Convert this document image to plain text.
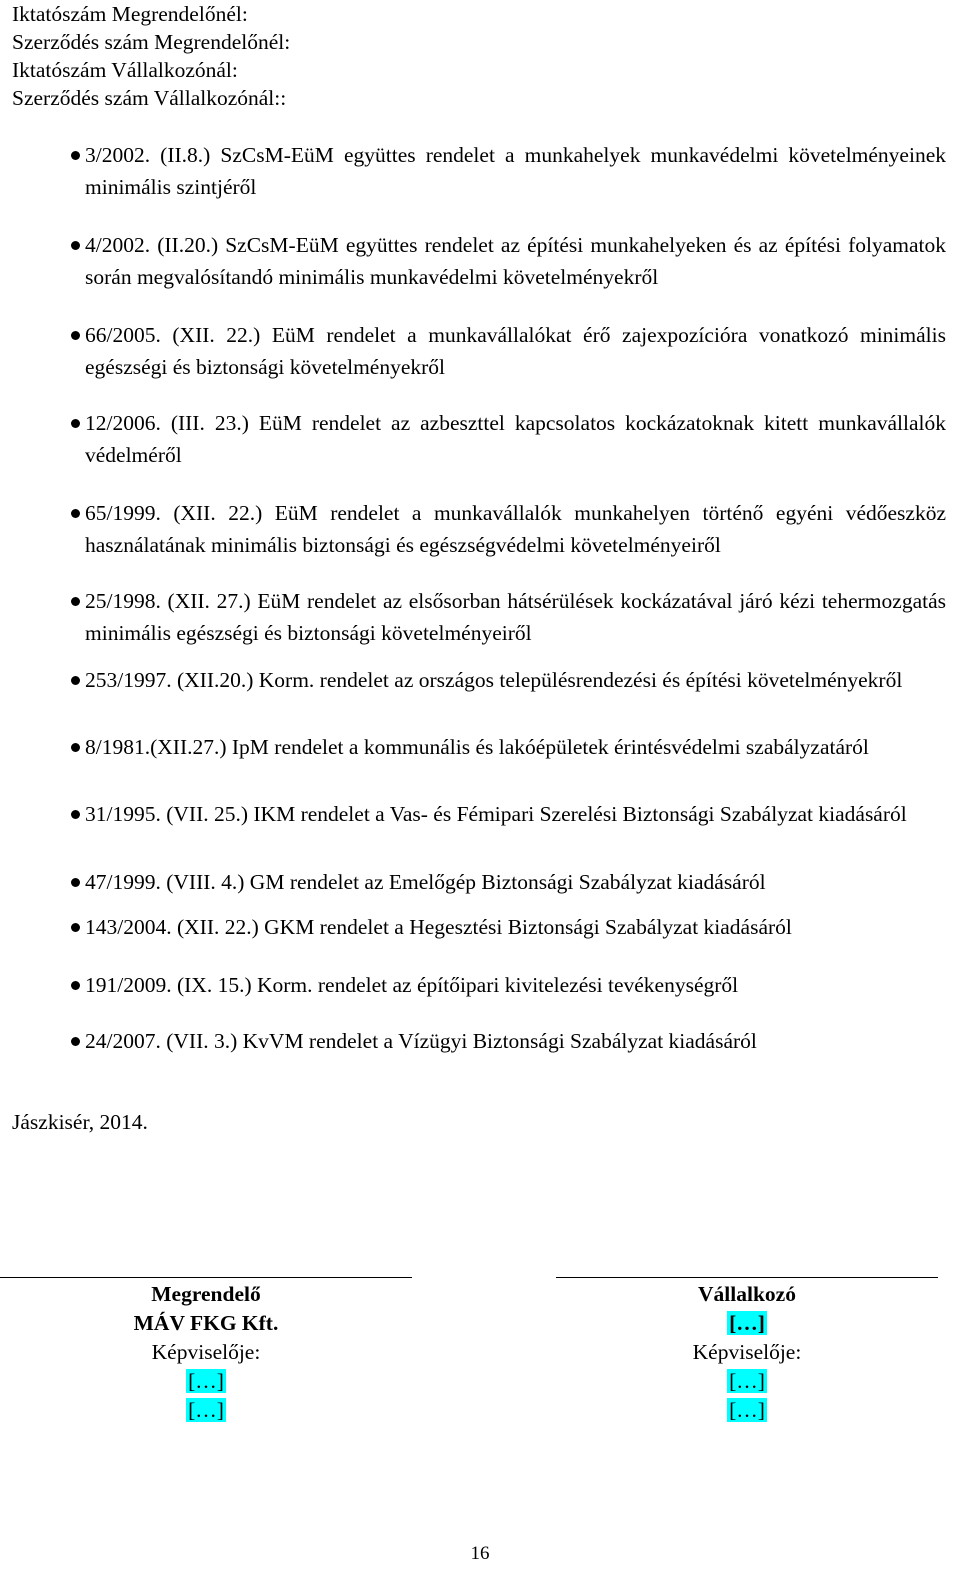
Iktatószám Megrendelőnél:
Szerződés szám Megrendelőnél:
Iktatószám Vállalkozónál:
Szerződés szám Vállalkozónál::
3/2002. (II.8.) SzCsM-EüM együttes rendelet a munkahelyek munkavédelmi követelményeinek minimális szintjéről
4/2002. (II.20.) SzCsM-EüM együttes rendelet az építési munkahelyeken és az építési folyamatok során megvalósítandó minimális munkavédelmi követelményekről
66/2005. (XII. 22.) EüM rendelet a munkavállalókat érő zajexpozícióra vonatkozó minimális egészségi és biztonsági követelményekről
12/2006. (III. 23.) EüM rendelet az azbeszttel kapcsolatos kockázatoknak kitett munkavállalók védelméről
65/1999. (XII. 22.) EüM rendelet a munkavállalók munkahelyen történő egyéni védőeszköz használatának minimális biztonsági és egészségvédelmi követelményeiről
25/1998. (XII. 27.) EüM rendelet az elsősorban hátsérülések kockázatával járó kézi tehermozgatás minimális egészségi és biztonsági követelményeiről
253/1997. (XII.20.) Korm. rendelet az országos településrendezési és építési követelményekről
8/1981.(XII.27.) IpM rendelet a kommunális és lakóépületek érintésvédelmi szabályzatáról
31/1995. (VII. 25.) IKM rendelet a Vas- és Fémipari Szerelési Biztonsági Szabályzat kiadásáról
47/1999. (VIII. 4.) GM rendelet az Emelőgép Biztonsági Szabályzat kiadásáról
143/2004. (XII. 22.) GKM rendelet a Hegesztési Biztonsági Szabályzat kiadásáról
191/2009. (IX. 15.) Korm. rendelet az építőipari kivitelezési tevékenységről
24/2007. (VII. 3.) KvVM rendelet a Vízügyi Biztonsági Szabályzat kiadásáról
Jászkisér, 2014.
Megrendelő
MÁV FKG Kft.
Képviselője:
[…]
[…]
Vállalkozó
[…]
Képviselője:
[…]
[…]
16
